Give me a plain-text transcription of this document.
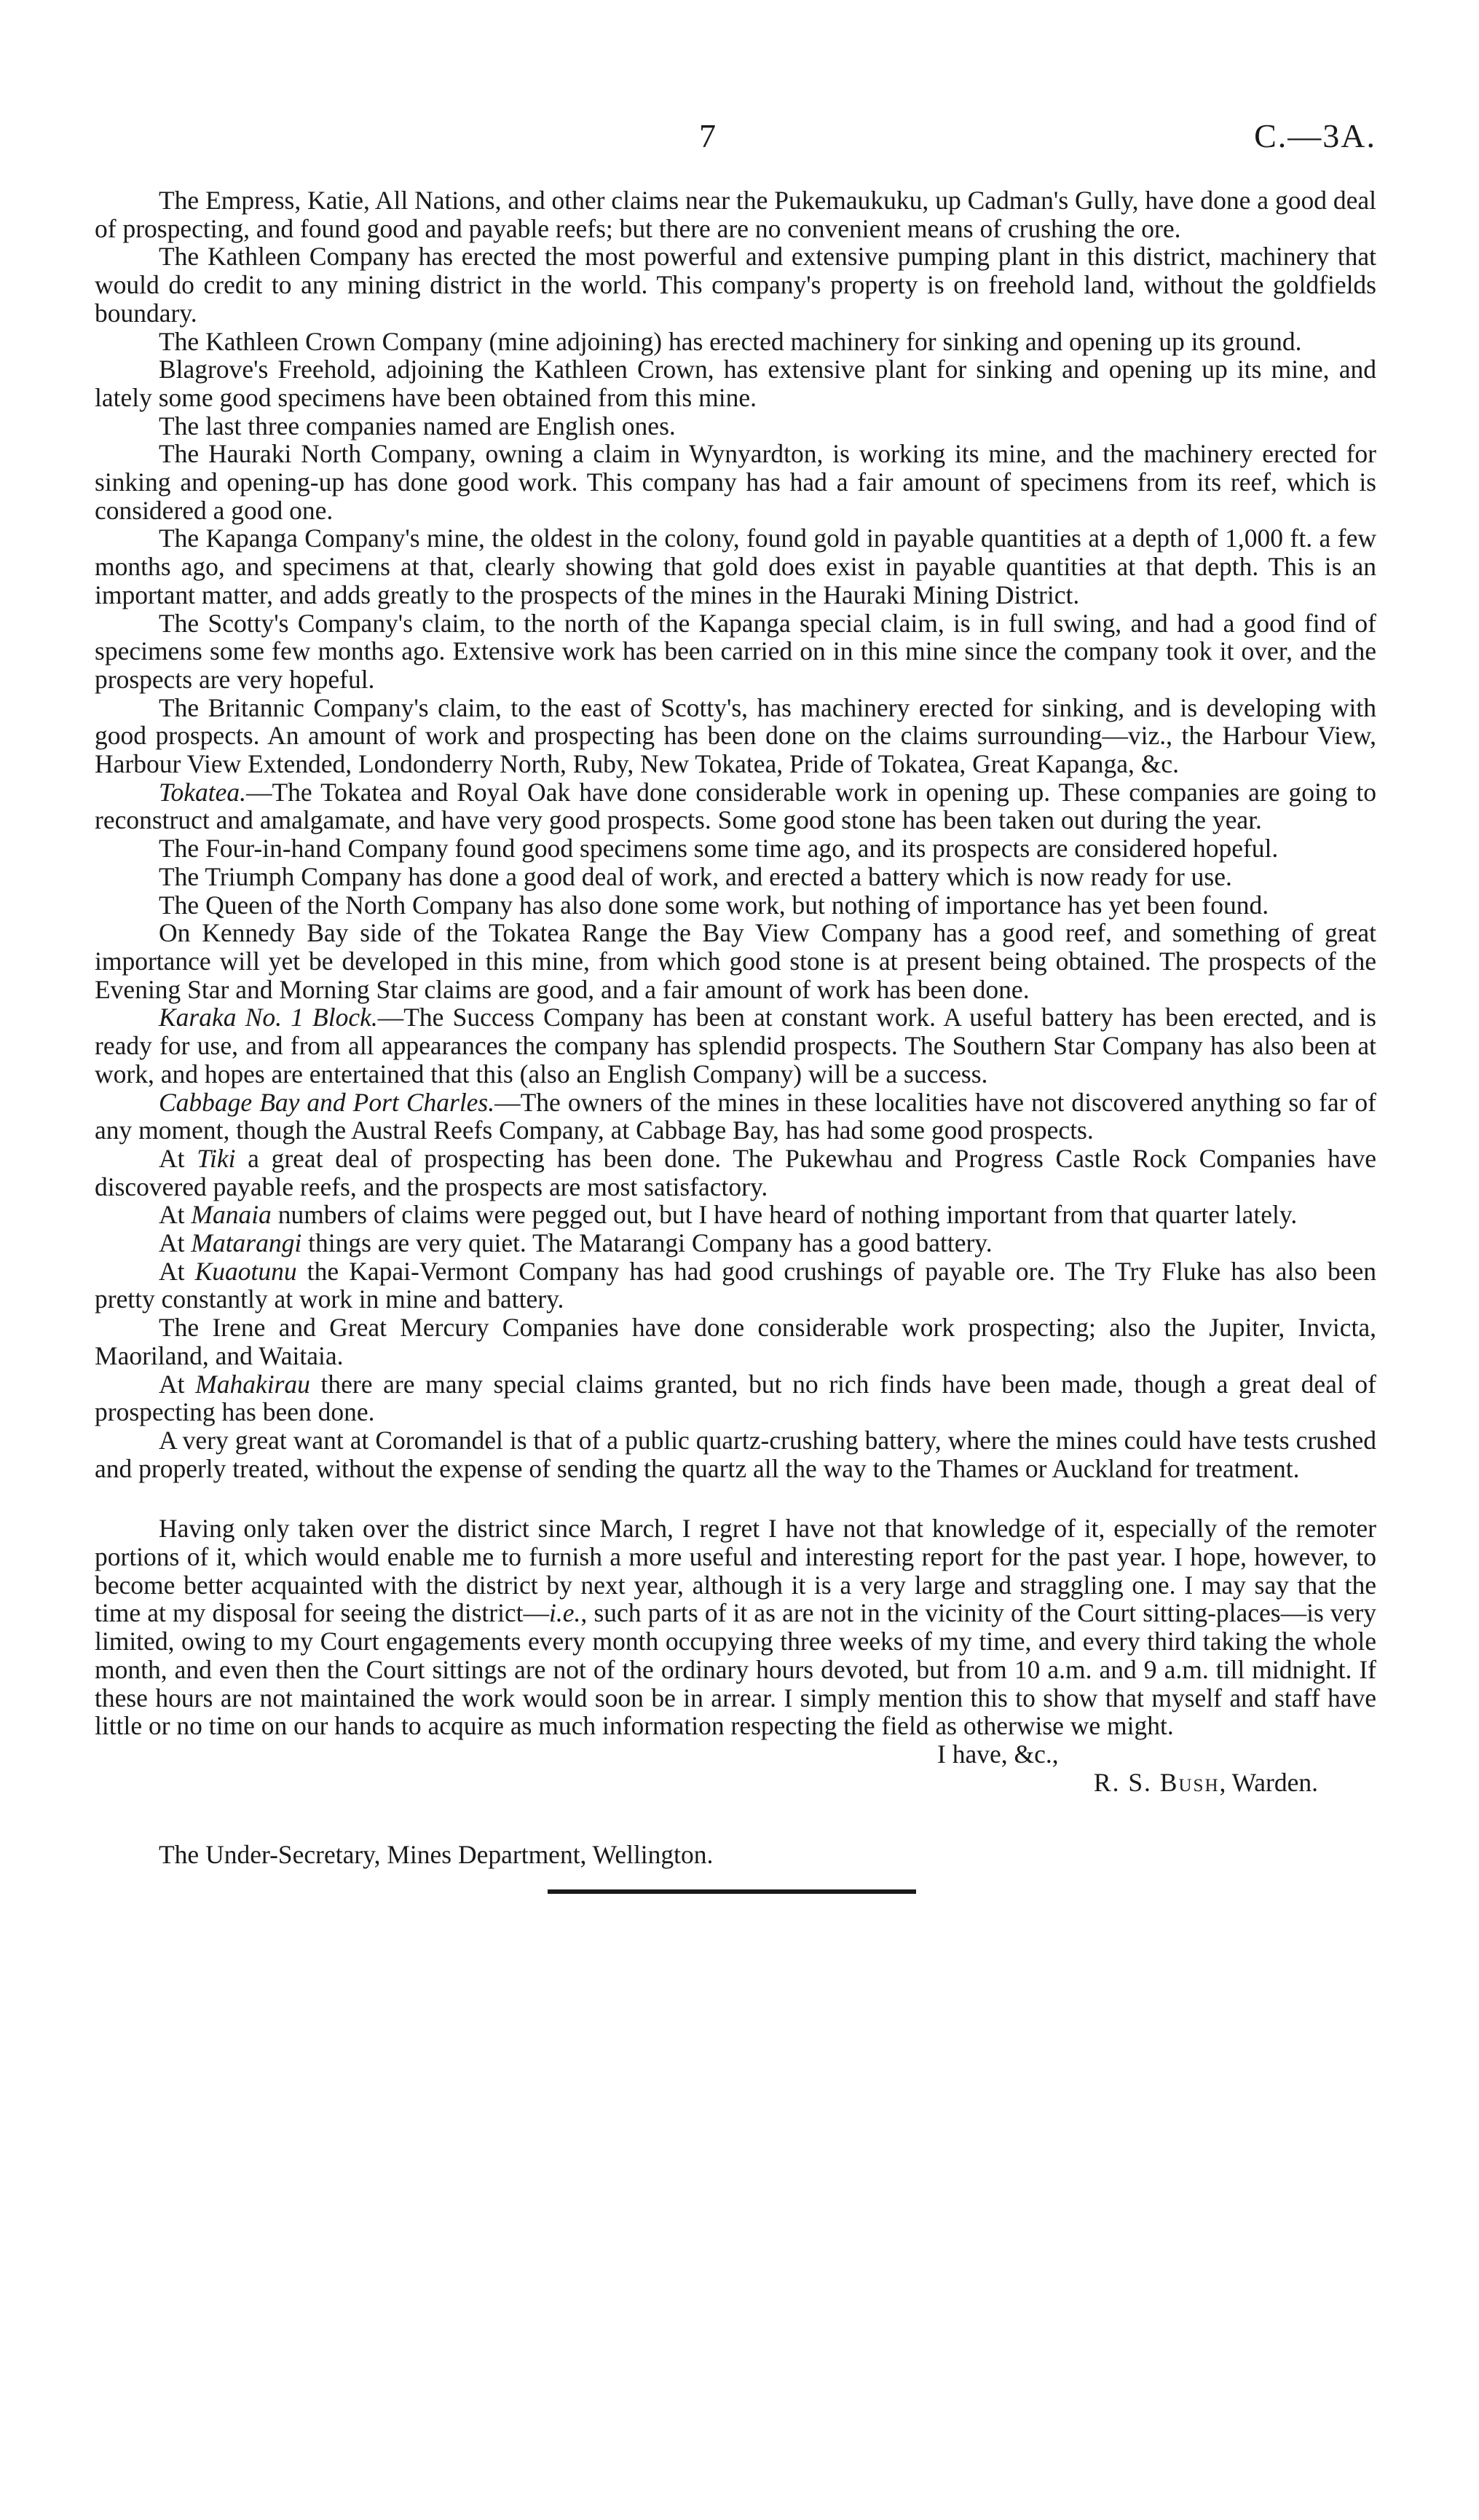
7	C.—3A.

The Empress, Katie, All Nations, and other claims near the Pukemaukuku, up Cadman's Gully, have done a good deal of prospecting, and found good and payable reefs; but there are no convenient means of crushing the ore.

The Kathleen Company has erected the most powerful and extensive pumping plant in this district, machinery that would do credit to any mining district in the world. This company's property is on freehold land, without the goldfields boundary.

The Kathleen Crown Company (mine adjoining) has erected machinery for sinking and opening up its ground.

Blagrove's Freehold, adjoining the Kathleen Crown, has extensive plant for sinking and opening up its mine, and lately some good specimens have been obtained from this mine.

The last three companies named are English ones.

The Hauraki North Company, owning a claim in Wynyardton, is working its mine, and the machinery erected for sinking and opening-up has done good work. This company has had a fair amount of specimens from its reef, which is considered a good one.

The Kapanga Company's mine, the oldest in the colony, found gold in payable quantities at a depth of 1,000 ft. a few months ago, and specimens at that, clearly showing that gold does exist in payable quantities at that depth. This is an important matter, and adds greatly to the prospects of the mines in the Hauraki Mining District.

The Scotty's Company's claim, to the north of the Kapanga special claim, is in full swing, and had a good find of specimens some few months ago. Extensive work has been carried on in this mine since the company took it over, and the prospects are very hopeful.

The Britannic Company's claim, to the east of Scotty's, has machinery erected for sinking, and is developing with good prospects. An amount of work and prospecting has been done on the claims surrounding—viz., the Harbour View, Harbour View Extended, Londonderry North, Ruby, New Tokatea, Pride of Tokatea, Great Kapanga, &c.

Tokatea.—The Tokatea and Royal Oak have done considerable work in opening up. These companies are going to reconstruct and amalgamate, and have very good prospects. Some good stone has been taken out during the year.

The Four-in-hand Company found good specimens some time ago, and its prospects are considered hopeful.

The Triumph Company has done a good deal of work, and erected a battery which is now ready for use.

The Queen of the North Company has also done some work, but nothing of importance has yet been found.

On Kennedy Bay side of the Tokatea Range the Bay View Company has a good reef, and something of great importance will yet be developed in this mine, from which good stone is at present being obtained. The prospects of the Evening Star and Morning Star claims are good, and a fair amount of work has been done.

Karaka No. 1 Block.—The Success Company has been at constant work. A useful battery has been erected, and is ready for use, and from all appearances the company has splendid prospects. The Southern Star Company has also been at work, and hopes are entertained that this (also an English Company) will be a success.

Cabbage Bay and Port Charles.—The owners of the mines in these localities have not discovered anything so far of any moment, though the Austral Reefs Company, at Cabbage Bay, has had some good prospects.

At Tiki a great deal of prospecting has been done. The Pukewhau and Progress Castle Rock Companies have discovered payable reefs, and the prospects are most satisfactory.

At Manaia numbers of claims were pegged out, but I have heard of nothing important from that quarter lately.

At Matarangi things are very quiet. The Matarangi Company has a good battery.

At Kuaotunu the Kapai-Vermont Company has had good crushings of payable ore. The Try Fluke has also been pretty constantly at work in mine and battery.

The Irene and Great Mercury Companies have done considerable work prospecting; also the Jupiter, Invicta, Maoriland, and Waitaia.

At Mahakirau there are many special claims granted, but no rich finds have been made, though a great deal of prospecting has been done.

A very great want at Coromandel is that of a public quartz-crushing battery, where the mines could have tests crushed and properly treated, without the expense of sending the quartz all the way to the Thames or Auckland for treatment.

Having only taken over the district since March, I regret I have not that knowledge of it, especially of the remoter portions of it, which would enable me to furnish a more useful and interesting report for the past year. I hope, however, to become better acquainted with the district by next year, although it is a very large and straggling one. I may say that the time at my disposal for seeing the district—i.e., such parts of it as are not in the vicinity of the Court sitting-places—is very limited, owing to my Court engagements every month occupying three weeks of my time, and every third taking the whole month, and even then the Court sittings are not of the ordinary hours devoted, but from 10 a.m. and 9 a.m. till midnight. If these hours are not maintained the work would soon be in arrear. I simply mention this to show that myself and staff have little or no time on our hands to acquire as much information respecting the field as otherwise we might.

I have, &c.,
R. S. Bush, Warden.
The Under-Secretary, Mines Department, Wellington.
